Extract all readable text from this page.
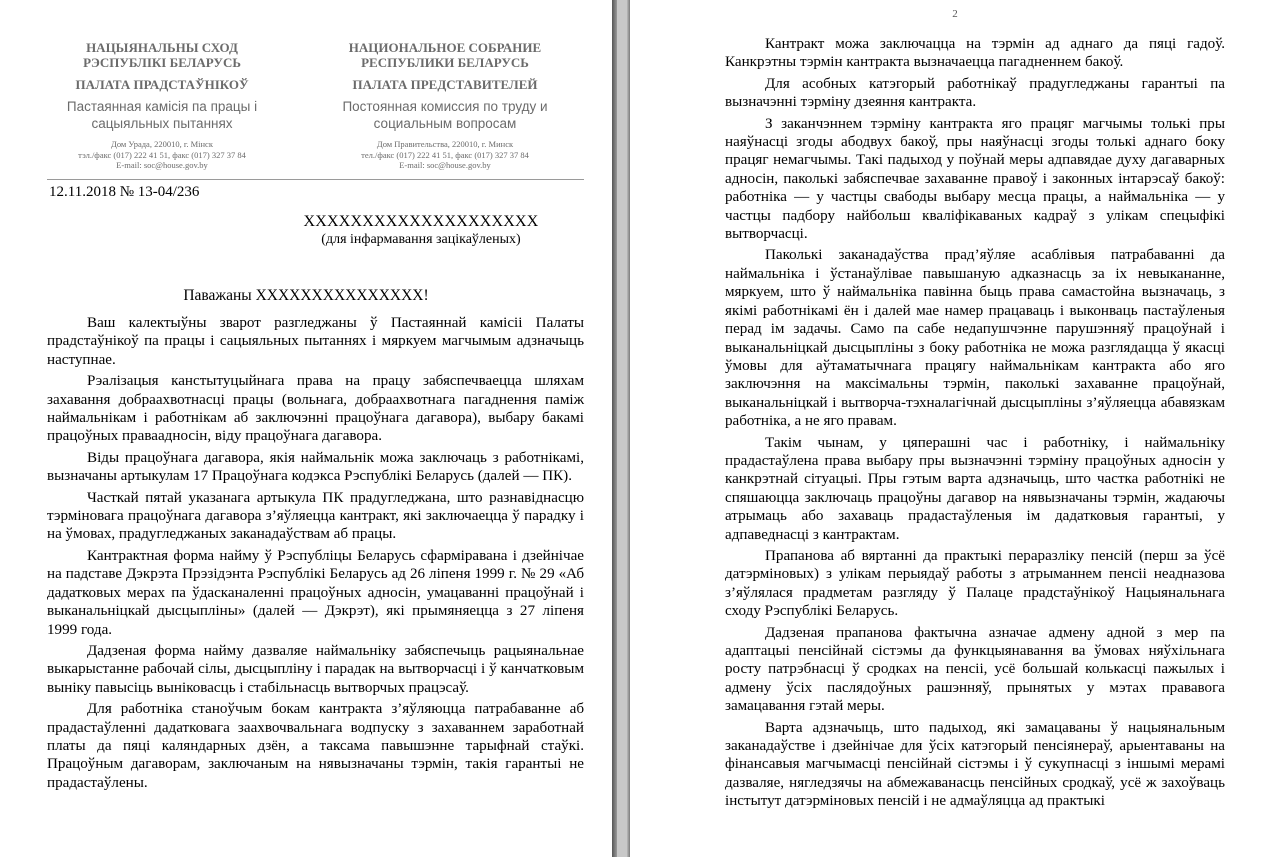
НАЦЫЯНАЛЬНЫ СХОД РЭСПУБЛІКІ БЕЛАРУСЬ
ПАЛАТА ПРАДСТАЎНІКОЎ
Пастаянная камісія па працы і сацыяльных пытаннях
Дом Урада, 220010, г. Мінск
тэл./факс (017) 222 41 51, факс (017) 327 37 84
E-mail: soc@house.gov.by
НАЦИОНАЛЬНОЕ СОБРАНИЕ РЕСПУБЛИКИ БЕЛАРУСЬ
ПАЛАТА ПРЕДСТАВИТЕЛЕЙ
Постоянная комиссия по труду и социальным вопросам
Дом Правительства, 220010, г. Минск
тел./факс (017) 222 41 51, факс (017) 327 37 84
E-mail: soc@house.gov.by
12.11.2018 № 13-04/236
ХХХХХХХХХХХХХХХХХХХХ
(для інфармавання зацікаўленых)
Паважаны ХХХХХХХХХХХХХХХ!

Ваш калектыўны зварот разгледжаны ў Пастаяннай камісіі Палаты прадстаўнікоў па працы і сацыяльных пытаннях і мяркуем магчымым адзначыць наступнае.

Рэалізацыя канстытуцыйнага права на працу забяспечваецца шляхам захавання добраахвотнасці працы (вольнага, добраахвотнага пагаднення паміж наймальнікам і работнікам аб заключэнні працоўнага дагавора), выбару бакамі працоўных праваадносін, віду працоўнага дагавора.

Віды працоўнага дагавора, якія наймальнік можа заключаць з работнікамі, вызначаны артыкулам 17 Працоўнага кодэкса Рэспублікі Беларусь (далей — ПК).

Часткай пятай указанага артыкула ПК прадугледжана, што разнавіднасцю тэрміновага працоўнага дагавора з’яўляецца кантракт, які заключаецца ў парадку і на ўмовах, прадугледжаных заканадаўствам аб працы.

Кантрактная форма найму ў Рэспубліцы Беларусь сфарміравана і дзейнічае на падставе Дэкрэта Прэзідэнта Рэспублікі Беларусь ад 26 ліпеня 1999 г. № 29 «Аб дадатковых мерах па ўдасканаленні працоўных адносін, умацаванні працоўнай і выканальніцкай дысцыпліны» (далей — Дэкрэт), які прымяняецца з 27 ліпеня 1999 года.

Дадзеная форма найму дазваляе наймальніку забяспечыць рацыянальнае выкарыстанне рабочай сілы, дысцыпліну і парадак на вытворчасці і ў канчатковым выніку павысіць выніковасць і стабільнасць вытворчых працэсаў.

Для работніка станоўчым бокам кантракта з’яўляюцца патрабаванне аб прадастаўленні дадатковага заахвочвальнага водпуску з захаваннем заработнай платы да пяці каляндарных дзён, а таксама павышэнне тарыфнай стаўкі. Працоўным дагаворам, заключаным на нявызначаны тэрмін, такія гарантыі не прадастаўлены.

2

Кантракт можа заключацца на тэрмін ад аднаго да пяці гадоў. Канкрэтны тэрмін кантракта вызначаецца пагадненнем бакоў.

Для асобных катэгорый работнікаў прадугледжаны гарантыі па вызначэнні тэрміну дзеяння кантракта.

З заканчэннем тэрміну кантракта яго працяг магчымы толькі пры наяўнасці згоды абодвух бакоў, пры наяўнасці згоды толькі аднаго боку працяг немагчымы. Такі падыход у поўнай меры адпавядае духу дагаварных адносін, паколькі забяспечвае захаванне правоў і законных інтарэсаў бакоў: работніка — у частцы свабоды выбару месца працы, а наймальніка — у частцы падбору найбольш кваліфікаваных кадраў з улікам спецыфікі вытворчасці.

Паколькі заканадаўства прад’яўляе асаблівыя патрабаванні да наймальніка і ўстанаўлівае павышаную адказнасць за іх невыкананне, мяркуем, што ў наймальніка павінна быць права самастойна вызначаць, з якімі работнікамі ён і далей мае намер працаваць і выконваць пастаўленыя перад ім задачы. Само па сабе недапушчэнне парушэнняў працоўнай і выканальніцкай дысцыпліны з боку работніка не можа разглядацца ў якасці ўмовы для аўтаматычнага працягу наймальнікам кантракта або яго заключэння на максімальны тэрмін, паколькі захаванне працоўнай, выканальніцкай і вытворча-тэхналагічнай дысцыпліны з’яўляецца абавязкам работніка, а не яго правам.

Такім чынам, у цяперашні час і работніку, і наймальніку прадастаўлена права выбару пры вызначэнні тэрміну працоўных адносін у канкрэтнай сітуацыі. Пры гэтым варта адзначыць, што частка работнікі не спяшаюцца заключаць працоўны дагавор на нявызначаны тэрмін, жадаючы атрымаць або захаваць прадастаўленыя ім дадатковыя гарантыі, у адпаведнасці з кантрактам.

Прапанова аб вяртанні да практыкі пераразліку пенсій (перш за ўсё датэрміновых) з улікам перыядаў работы з атрыманнем пенсіі неадназова з’яўлялася прадметам разгляду ў Палаце прадстаўнікоў Нацыянальнага сходу Рэспублікі Беларусь.

Дадзеная прапанова фактычна азначае адмену адной з мер па адаптацыі пенсійнай сістэмы да функцыянавання ва ўмовах няўхільнага росту патрэбнасці ў сродках на пенсіі, усё большай колькасці пажылых і адмену ўсіх паслядоўных рашэнняў, прынятых у мэтах прававога замацавання гэтай меры.

Варта адзначыць, што падыход, які замацаваны ў нацыянальным заканадаўстве і дзейнічае для ўсіх катэгорый пенсіянераў, арыентаваны на фінансавыя магчымасці пенсійнай сістэмы і ў сукупнасці з іншымі мерамі дазваляе, нягледзячы на абмежаванасць пенсійных сродкаў, усё ж захоўваць інстытут датэрміновых пенсій і не адмаўляцца ад практыкі
